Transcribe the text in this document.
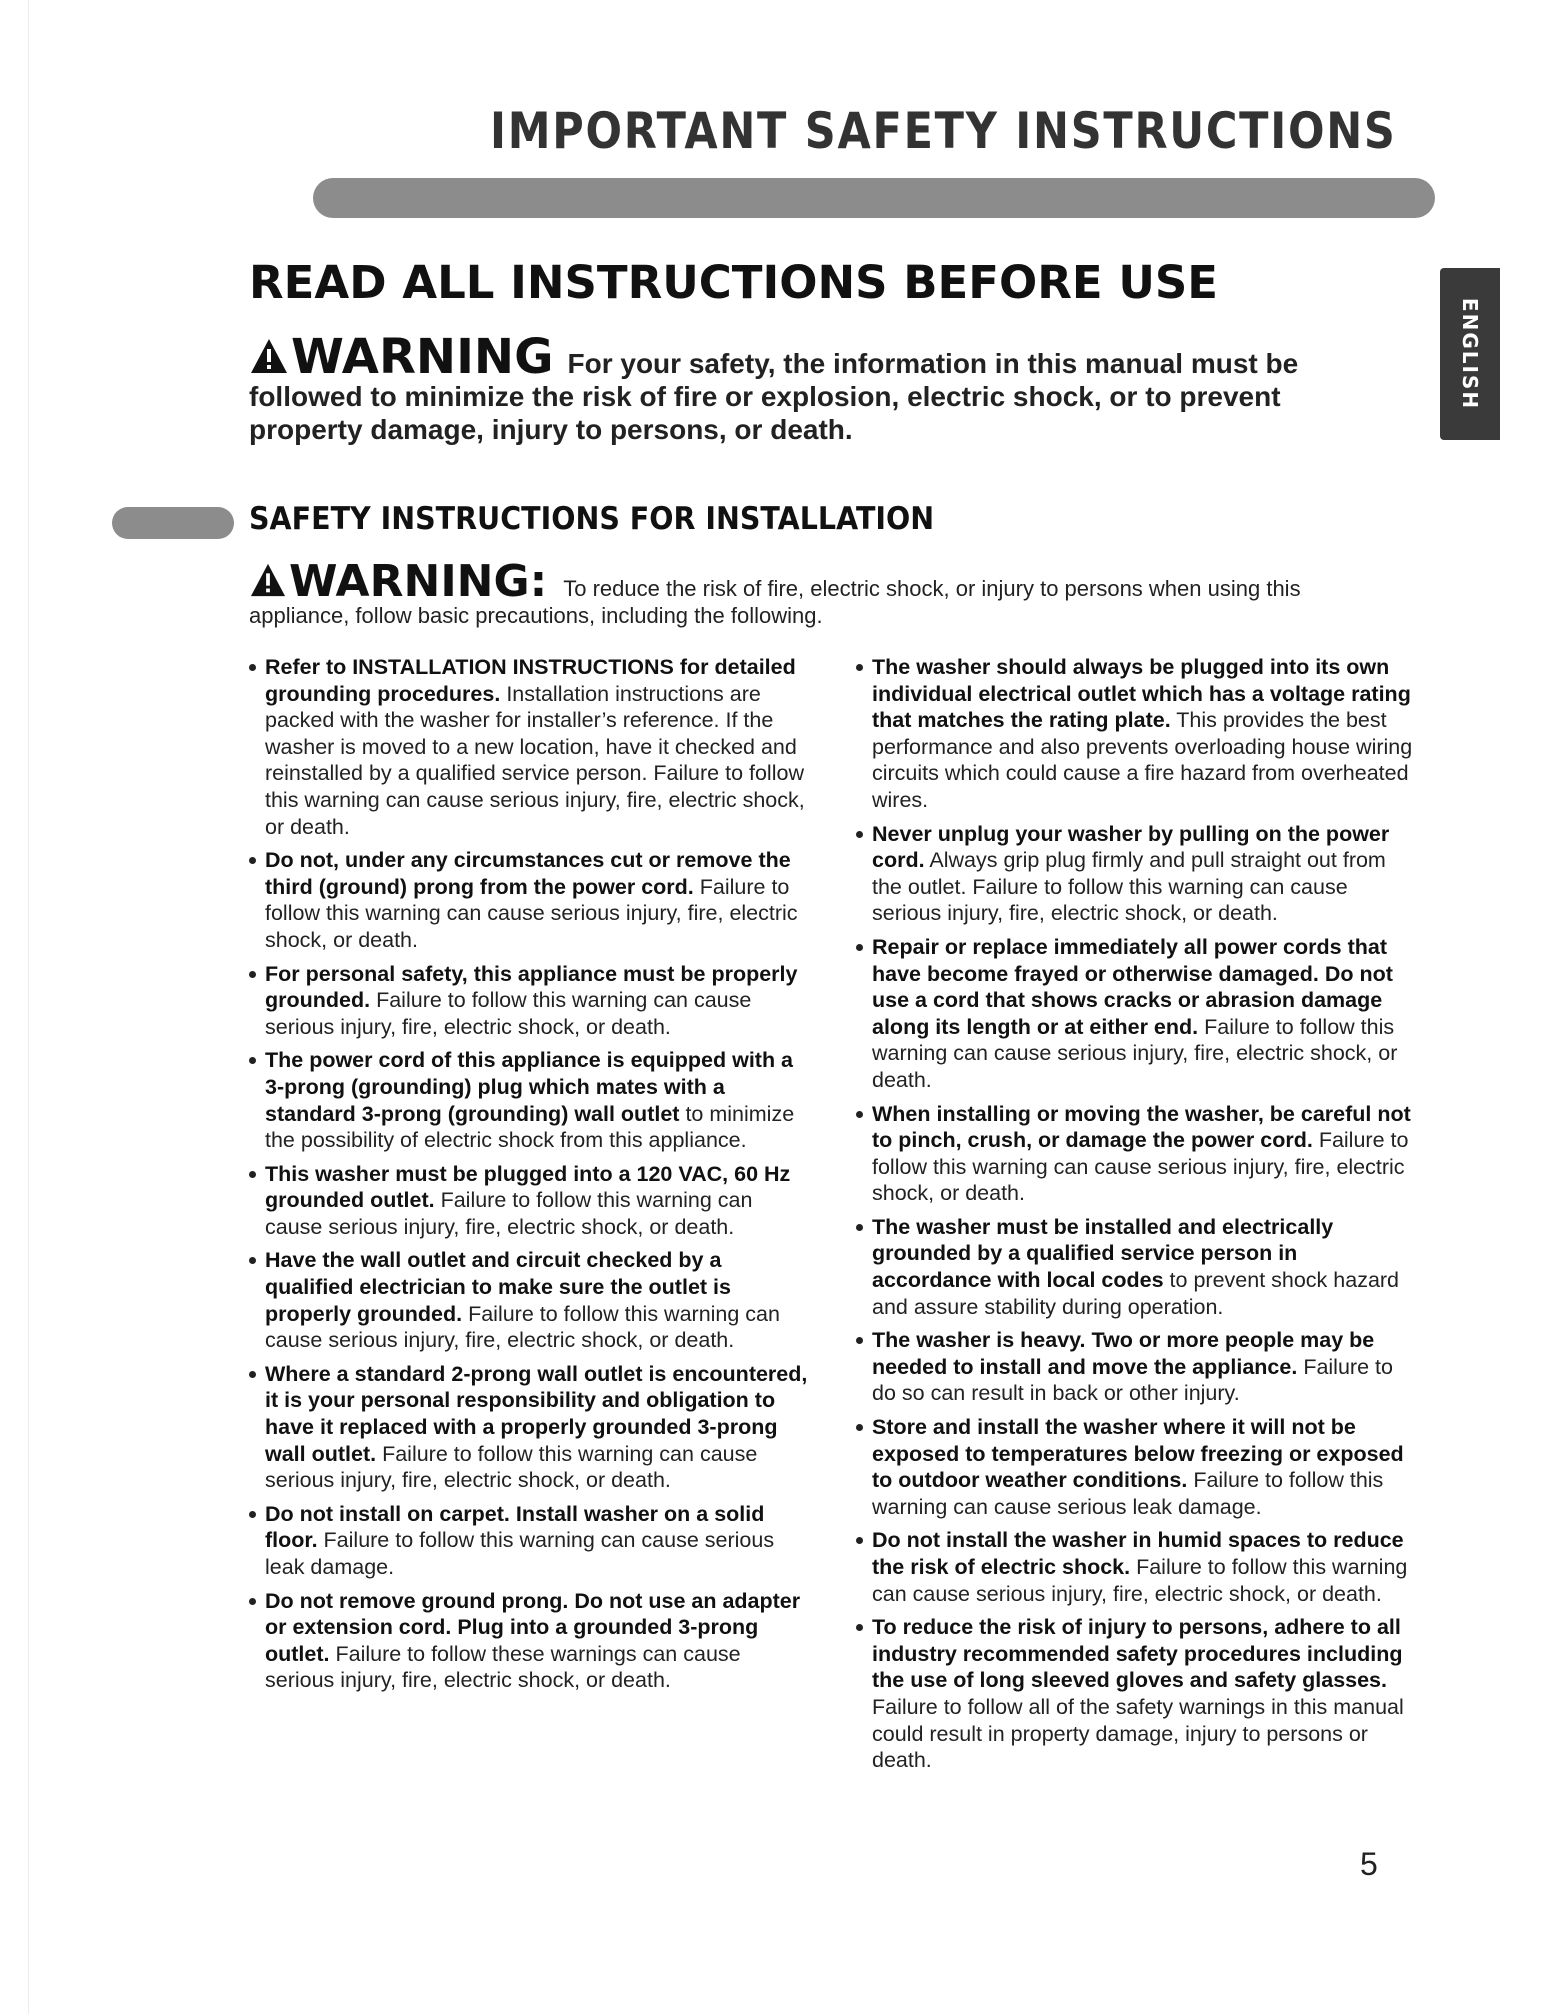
IMPORTANT SAFETY INSTRUCTIONS
ENGLISH
READ ALL INSTRUCTIONS BEFORE USE
WARNING For your safety, the information in this manual must be followed to minimize the risk of fire or explosion, electric shock, or to prevent property damage, injury to persons, or death.
SAFETY INSTRUCTIONS FOR INSTALLATION
WARNING: To reduce the risk of fire, electric shock, or injury to persons when using this appliance, follow basic precautions, including the following.
Refer to INSTALLATION INSTRUCTIONS for detailed grounding procedures. Installation instructions are packed with the washer for installer’s reference. If the washer is moved to a new location, have it checked and reinstalled by a qualified service person. Failure to follow this warning can cause serious injury, fire, electric shock, or death.
Do not, under any circumstances cut or remove the third (ground) prong from the power cord. Failure to follow this warning can cause serious injury, fire, electric shock, or death.
For personal safety, this appliance must be properly grounded. Failure to follow this warning can cause serious injury, fire, electric shock, or death.
The power cord of this appliance is equipped with a 3-prong (grounding) plug which mates with a standard 3-prong (grounding) wall outlet to minimize the possibility of electric shock from this appliance.
This washer must be plugged into a 120 VAC, 60 Hz grounded outlet. Failure to follow this warning can cause serious injury, fire, electric shock, or death.
Have the wall outlet and circuit checked by a qualified electrician to make sure the outlet is properly grounded. Failure to follow this warning can cause serious injury, fire, electric shock, or death.
Where a standard 2-prong wall outlet is encountered, it is your personal responsibility and obligation to have it replaced with a properly grounded 3-prong wall outlet. Failure to follow this warning can cause serious injury, fire, electric shock, or death.
Do not install on carpet. Install washer on a solid floor. Failure to follow this warning can cause serious leak damage.
Do not remove ground prong. Do not use an adapter or extension cord. Plug into a grounded 3-prong outlet. Failure to follow these warnings can cause serious injury, fire, electric shock, or death.
The washer should always be plugged into its own individual electrical outlet which has a voltage rating that matches the rating plate. This provides the best performance and also prevents overloading house wiring circuits which could cause a fire hazard from overheated wires.
Never unplug your washer by pulling on the power cord. Always grip plug firmly and pull straight out from the outlet. Failure to follow this warning can cause serious injury, fire, electric shock, or death.
Repair or replace immediately all power cords that have become frayed or otherwise damaged. Do not use a cord that shows cracks or abrasion damage along its length or at either end. Failure to follow this warning can cause serious injury, fire, electric shock, or death.
When installing or moving the washer, be careful not to pinch, crush, or damage the power cord. Failure to follow this warning can cause serious injury, fire, electric shock, or death.
The washer must be installed and electrically grounded by a qualified service person in accordance with local codes to prevent shock hazard and assure stability during operation.
The washer is heavy. Two or more people may be needed to install and move the appliance. Failure to do so can result in back or other injury.
Store and install the washer where it will not be exposed to temperatures below freezing or exposed to outdoor weather conditions. Failure to follow this warning can cause serious leak damage.
Do not install the washer in humid spaces to reduce the risk of electric shock. Failure to follow this warning can cause serious injury, fire, electric shock, or death.
To reduce the risk of injury to persons, adhere to all industry recommended safety procedures including the use of long sleeved gloves and safety glasses. Failure to follow all of the safety warnings in this manual could result in property damage, injury to persons or death.
5
